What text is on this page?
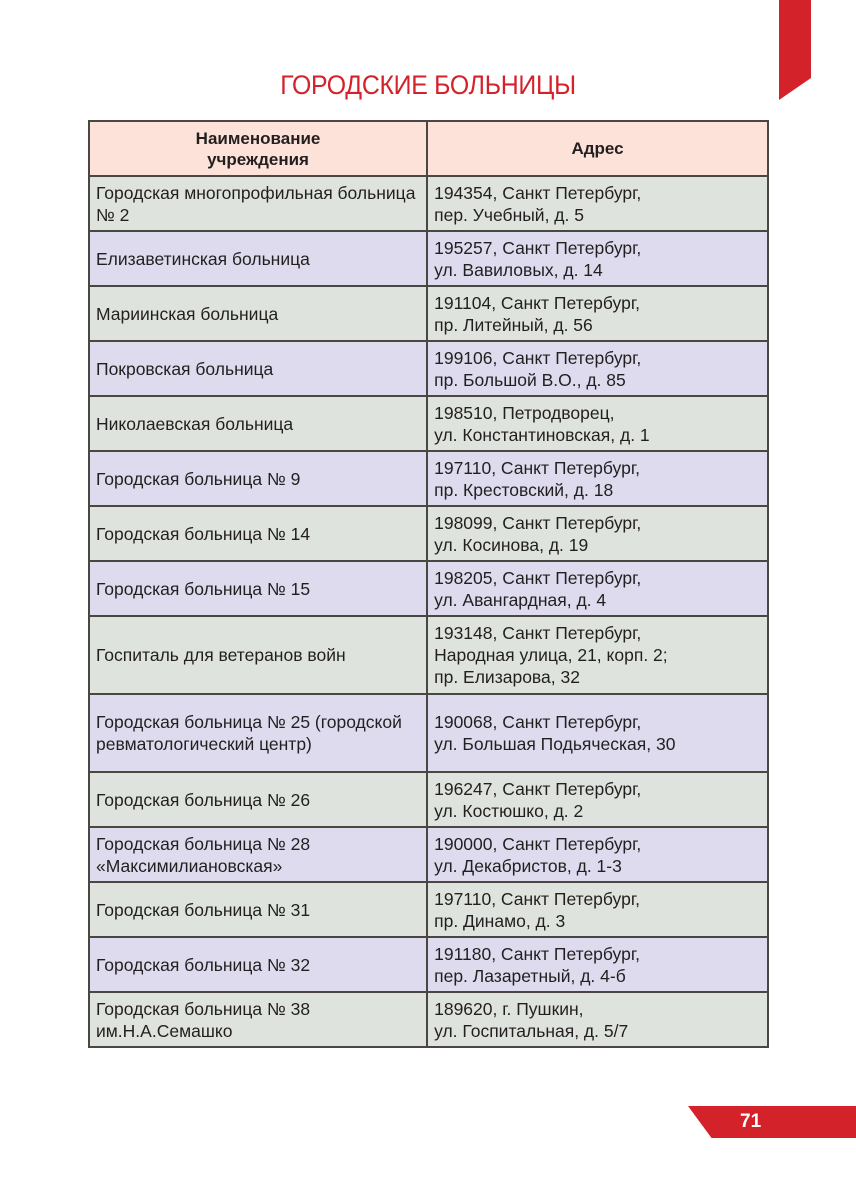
ГОРОДСКИЕ БОЛЬНИЦЫ
Наименование учреждения	Адрес
Городская многопрофильная больница № 2	194354, Санкт Петербург,
пер. Учебный, д. 5

Елизаветинская больница	195257, Санкт Петербург,
ул. Вавиловых, д. 14

Мариинская больница	191104, Санкт Петербург,
пр. Литейный, д. 56

Покровская больница	199106, Санкт Петербург,
пр. Большой В.О., д. 85

Николаевская больница	198510, Петродворец,
ул. Константиновская, д. 1

Городская больница № 9	197110, Санкт Петербург,
пр. Крестовский, д. 18

Городская больница № 14	198099, Санкт Петербург,
ул. Косинова, д. 19

Городская больница № 15	198205, Санкт Петербург,
ул. Авангардная, д. 4

Госпиталь для ветеранов войн	193148, Санкт Петербург,
Народная улица, 21, корп. 2;
пр. Елизарова, 32

Городская больница № 25 (городской ревматологический центр)	190068, Санкт Петербург,
ул. Большая Подьяческая, 30

Городская больница № 26	196247, Санкт Петербург,
ул. Костюшко, д. 2

Городская больница № 28 «Максимилиановская»	190000, Санкт Петербург,
ул. Декабристов, д. 1-3

Городская больница № 31	197110, Санкт Петербург,
пр. Динамо, д. 3

Городская больница № 32	191180, Санкт Петербург,
пер. Лазаретный, д. 4-б

Городская больница № 38 им.Н.А.Семашко	189620, г. Пушкин,
ул. Госпитальная, д. 5/7
71
